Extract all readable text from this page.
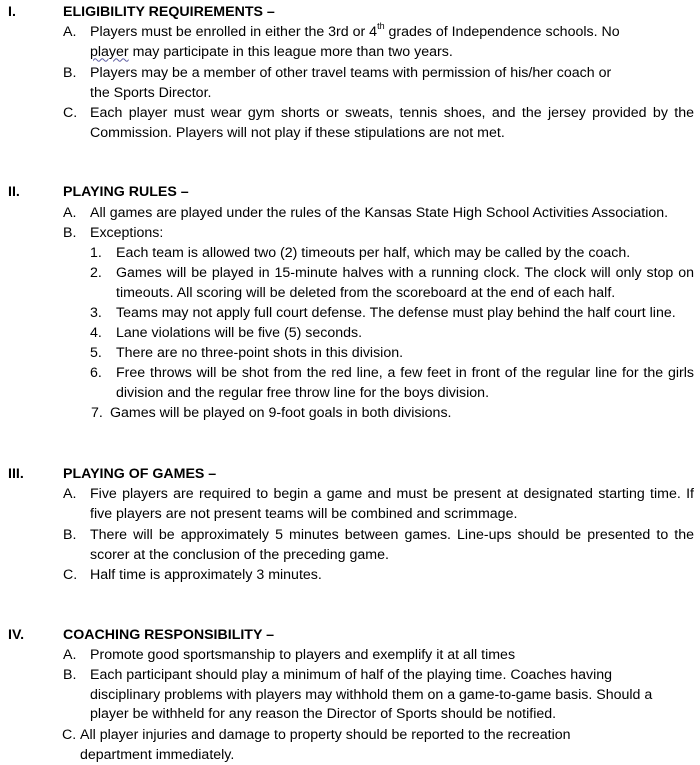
I.	ELIGIBILITY REQUIREMENTS –
A. Players must be enrolled in either the 3rd or 4th grades of Independence schools. No
player may participate in this league more than two years.
B. Players may be a member of other travel teams with permission of his/her coach or
the Sports Director.
C. Each player must wear gym shorts or sweats, tennis shoes, and the jersey provided by the Commission. Players will not play if these stipulations are not met.
II.	PLAYING RULES –
A. All games are played under the rules of the Kansas State High School Activities Association.
B. Exceptions:
1. Each team is allowed two (2) timeouts per half, which may be called by the coach.
2. Games will be played in 15-minute halves with a running clock. The clock will only stop on timeouts. All scoring will be deleted from the scoreboard at the end of each half.
3. Teams may not apply full court defense. The defense must play behind the half court line.
4. Lane violations will be five (5) seconds.
5. There are no three-point shots in this division.
6. Free throws will be shot from the red line, a few feet in front of the regular line for the girls division and the regular free throw line for the boys division.
7. Games will be played on 9-foot goals in both divisions.
III.	PLAYING OF GAMES –
A. Five players are required to begin a game and must be present at designated starting time. If five players are not present teams will be combined and scrimmage.
B. There will be approximately 5 minutes between games. Line-ups should be presented to the scorer at the conclusion of the preceding game.
C. Half time is approximately 3 minutes.
IV.	COACHING RESPONSIBILITY –
A. Promote good sportsmanship to players and exemplify it at all times
B. Each participant should play a minimum of half of the playing time. Coaches having disciplinary problems with players may withhold them on a game-to-game basis. Should a player be withheld for any reason the Director of Sports should be notified.
C. All player injuries and damage to property should be reported to the recreation department immediately.
